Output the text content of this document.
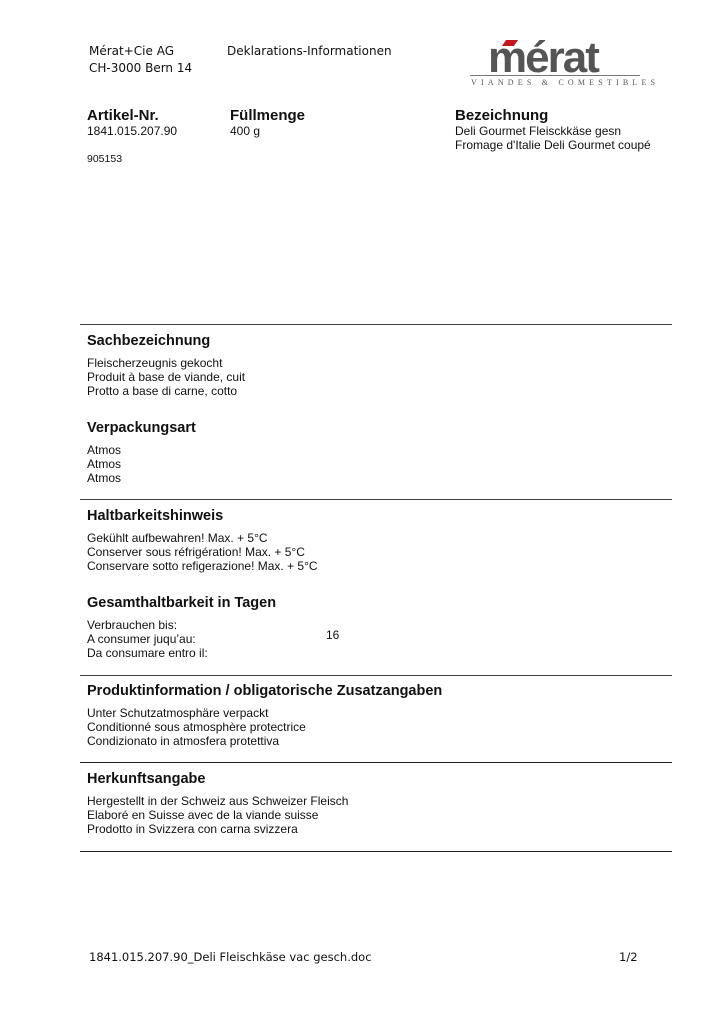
Mérat+Cie AG
CH-3000 Bern 14
Deklarations-Informationen mérat
VIANDES & COMESTIBLES
Artikel-Nr.
1841.015.207.90
905153
Füllmenge
400 g
Bezeichnung
Deli Gourmet Fleisckkäse gesn
Fromage d'Italie Deli Gourmet coupé
Sachbezeichnung
Fleischerzeugnis gekocht
Produit à base de viande, cuit
Protto a base di carne, cotto
Verpackungsart
Atmos
Atmos
Atmos
Haltbarkeitshinweis
Gekühlt aufbewahren! Max. + 5°C
Conserver sous réfrigération! Max. + 5°C
Conservare sotto refigerazione! Max. + 5°C
Gesamthaltbarkeit in Tagen
Verbrauchen bis:
A consumer juqu’au:
Da consumare entro il:
16
Produktinformation / obligatorische Zusatzangaben
Unter Schutzatmosphäre verpackt
Conditionné sous atmosphère protectrice
Condizionato in atmosfera protettiva
Herkunftsangabe
Hergestellt in der Schweiz aus Schweizer Fleisch
Elaboré en Suisse avec de la viande suisse
Prodotto in Svizzera con carna svizzera
1841.015.207.90_Deli Fleischkäse vac gesch.doc	1/2
